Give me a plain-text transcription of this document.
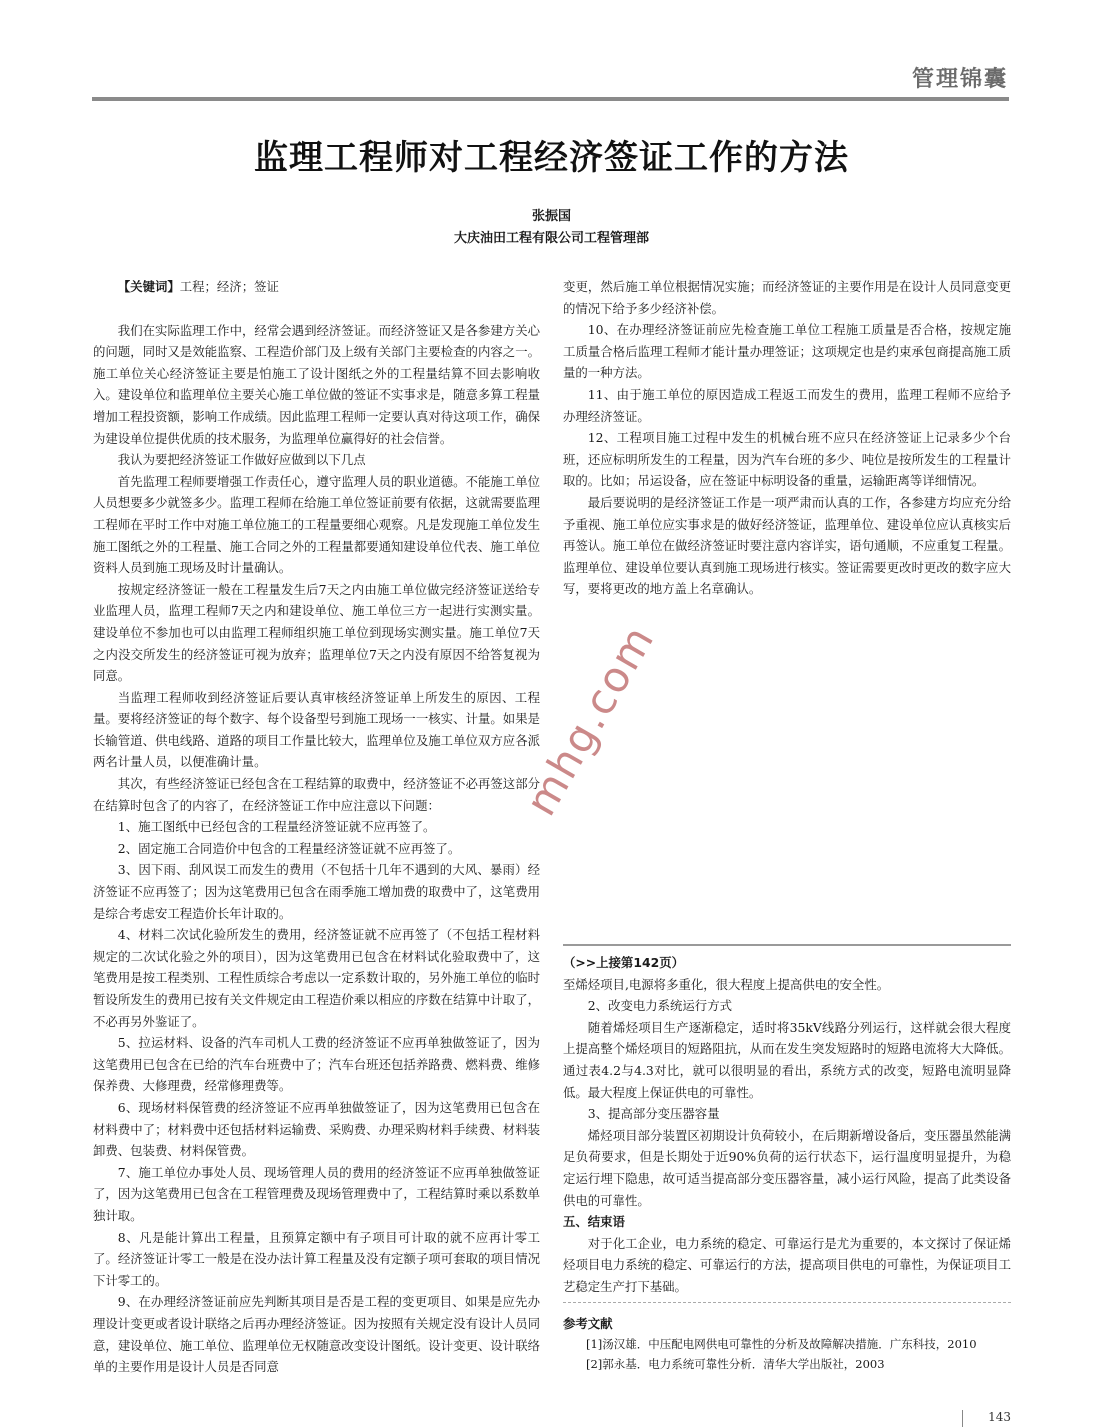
管理锦囊
监理工程师对工程经济签证工作的方法
张振国
大庆油田工程有限公司工程管理部

【关键词】工程；经济；签证

我们在实际监理工作中，经常会遇到经济签证。而经济签证又是各参建方关心的问题，同时又是效能监察、工程造价部门及上级有关部门主要检查的内容之一。施工单位关心经济签证主要是怕施工了设计图纸之外的工程量结算不回去影响收入。建设单位和监理单位主要关心施工单位做的签证不实事求是，随意多算工程量增加工程投资额，影响工作成绩。因此监理工程师一定要认真对待这项工作，确保为建设单位提供优质的技术服务，为监理单位赢得好的社会信誉。

我认为要把经济签证工作做好应做到以下几点

首先监理工程师要增强工作责任心，遵守监理人员的职业道德。不能施工单位人员想要多少就签多少。监理工程师在给施工单位签证前要有依据，这就需要监理工程师在平时工作中对施工单位施工的工程量要细心观察。凡是发现施工单位发生施工图纸之外的工程量、施工合同之外的工程量都要通知建设单位代表、施工单位资料人员到施工现场及时计量确认。

按规定经济签证一般在工程量发生后7天之内由施工单位做完经济签证送给专业监理人员，监理工程师7天之内和建设单位、施工单位三方一起进行实测实量。建设单位不参加也可以由监理工程师组织施工单位到现场实测实量。施工单位7天之内没交所发生的经济签证可视为放弃；监理单位7天之内没有原因不给答复视为同意。

当监理工程师收到经济签证后要认真审核经济签证单上所发生的原因、工程量。要将经济签证的每个数字、每个设备型号到施工现场一一核实、计量。如果是长输管道、供电线路、道路的项目工作量比较大，监理单位及施工单位双方应各派两名计量人员，以便准确计量。

其次，有些经济签证已经包含在工程结算的取费中，经济签证不必再签这部分在结算时包含了的内容了，在经济签证工作中应注意以下问题：

1、施工图纸中已经包含的工程量经济签证就不应再签了。

2、固定施工合同造价中包含的工程量经济签证就不应再签了。

3、因下雨、刮风误工而发生的费用（不包括十几年不遇到的大风、暴雨）经济签证不应再签了；因为这笔费用已包含在雨季施工增加费的取费中了，这笔费用是综合考虑安工程造价长年计取的。

4、材料二次试化验所发生的费用，经济签证就不应再签了（不包括工程材料规定的二次试化验之外的项目），因为这笔费用已包含在材料试化验取费中了，这笔费用是按工程类别、工程性质综合考虑以一定系数计取的，另外施工单位的临时暂设所发生的费用已按有关文件规定由工程造价乘以相应的序数在结算中计取了，不必再另外鉴证了。

5、拉运材料、设备的汽车司机人工费的经济签证不应再单独做签证了，因为这笔费用已包含在已给的汽车台班费中了；汽车台班还包括养路费、燃料费、维修保养费、大修理费，经常修理费等。

6、现场材料保管费的经济签证不应再单独做签证了，因为这笔费用已包含在材料费中了；材料费中还包括材料运输费、采购费、办理采购材料手续费、材料装卸费、包装费、材料保管费。

7、施工单位办事处人员、现场管理人员的费用的经济签证不应再单独做签证了，因为这笔费用已包含在工程管理费及现场管理费中了，工程结算时乘以系数单独计取。

8、凡是能计算出工程量，且预算定额中有子项目可计取的就不应再计零工了。经济签证计零工一般是在没办法计算工程量及没有定额子项可套取的项目情况下计零工的。

9、在办理经济签证前应先判断其项目是否是工程的变更项目、如果是应先办理设计变更或者设计联络之后再办理经济签证。因为按照有关规定没有设计人员同意，建设单位、施工单位、监理单位无权随意改变设计图纸。设计变更、设计联络单的主要作用是设计人员是否同意

变更，然后施工单位根据情况实施；而经济签证的主要作用是在设计人员同意变更的情况下给予多少经济补偿。

10、在办理经济签证前应先检查施工单位工程施工质量是否合格，按规定施工质量合格后监理工程师才能计量办理签证；这项规定也是约束承包商提高施工质量的一种方法。

11、由于施工单位的原因造成工程返工而发生的费用，监理工程师不应给予办理经济签证。

12、工程项目施工过程中发生的机械台班不应只在经济签证上记录多少个台班，还应标明所发生的工程量，因为汽车台班的多少、吨位是按所发生的工程量计取的。比如；吊运设备，应在签证中标明设备的重量，运输距离等详细情况。

最后要说明的是经济签证工作是一项严肃而认真的工作，各参建方均应充分给予重视、施工单位应实事求是的做好经济签证，监理单位、建设单位应认真核实后再签认。施工单位在做经济签证时要注意内容详实，语句通顺，不应重复工程量。监理单位、建设单位要认真到施工现场进行核实。签证需要更改时更改的数字应大写，要将更改的地方盖上名章确认。

（>>上接第142页）

至烯烃项目,电源将多重化，很大程度上提高供电的安全性。

2、改变电力系统运行方式

随着烯烃项目生产逐渐稳定，适时将35kV线路分列运行，这样就会很大程度上提高整个烯烃项目的短路阻抗，从而在发生突发短路时的短路电流将大大降低。通过表4.2与4.3对比，就可以很明显的看出，系统方式的改变，短路电流明显降低。最大程度上保证供电的可靠性。

3、提高部分变压器容量

烯烃项目部分装置区初期设计负荷较小，在后期新增设备后，变压器虽然能满足负荷要求，但是长期处于近90%负荷的运行状态下，运行温度明显提升，为稳定运行埋下隐患，故可适当提高部分变压器容量，减小运行风险，提高了此类设备供电的可靠性。

五、结束语

对于化工企业，电力系统的稳定、可靠运行是尤为重要的，本文探讨了保证烯烃项目电力系统的稳定、可靠运行的方法，提高项目供电的可靠性，为保证项目工艺稳定生产打下基础。

参考文献

[1]汤汉雄．中压配电网供电可靠性的分析及故障解决措施．广东科技，2010

[2]郭永基．电力系统可靠性分析．清华大学出版社，2003

mhg.com
143
